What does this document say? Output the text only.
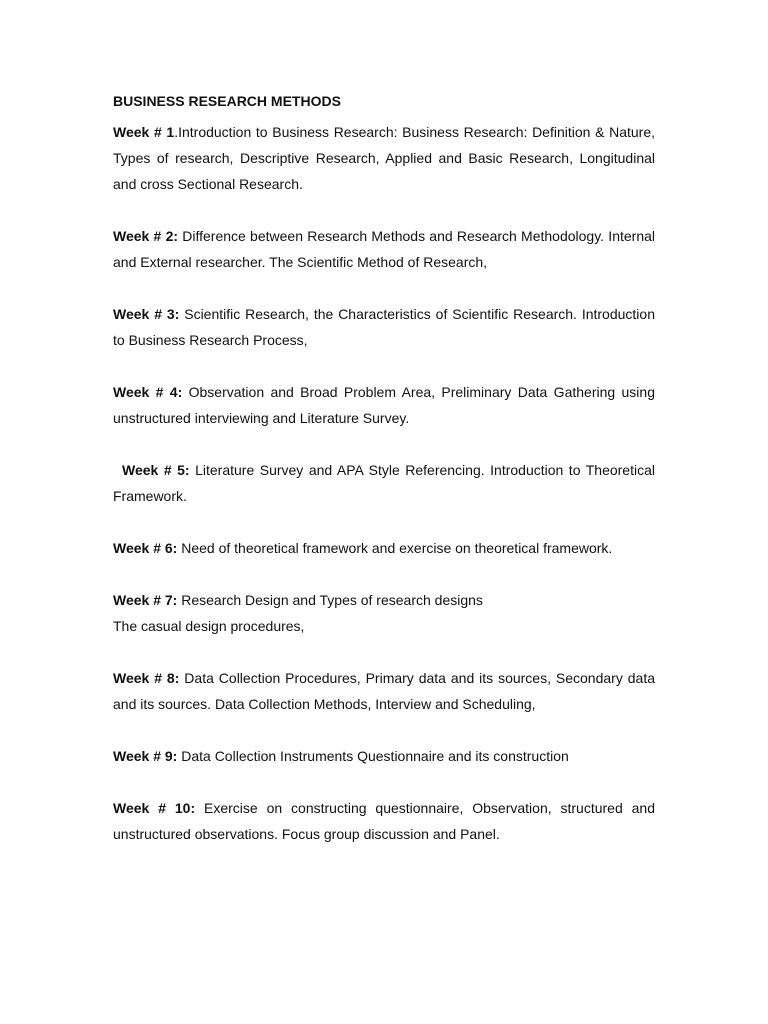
BUSINESS RESEARCH METHODS

Week # 1.Introduction to Business Research: Business Research: Definition & Nature, Types of research, Descriptive Research, Applied and Basic Research, Longitudinal and cross Sectional Research.

Week # 2: Difference between Research Methods and Research Methodology. Internal and External researcher. The Scientific Method of Research,

Week # 3: Scientific Research, the Characteristics of Scientific Research. Introduction to Business Research Process,

Week # 4: Observation and Broad Problem Area, Preliminary Data Gathering using unstructured interviewing and Literature Survey.

Week # 5: Literature Survey and APA Style Referencing. Introduction to Theoretical Framework.

Week # 6: Need of theoretical framework and exercise on theoretical framework.

Week # 7: Research Design and Types of research designs
The casual design procedures,

Week # 8: Data Collection Procedures, Primary data and its sources, Secondary data and its sources. Data Collection Methods, Interview and Scheduling,

Week # 9: Data Collection Instruments Questionnaire and its construction

Week # 10: Exercise on constructing questionnaire, Observation, structured and unstructured observations. Focus group discussion and Panel.
